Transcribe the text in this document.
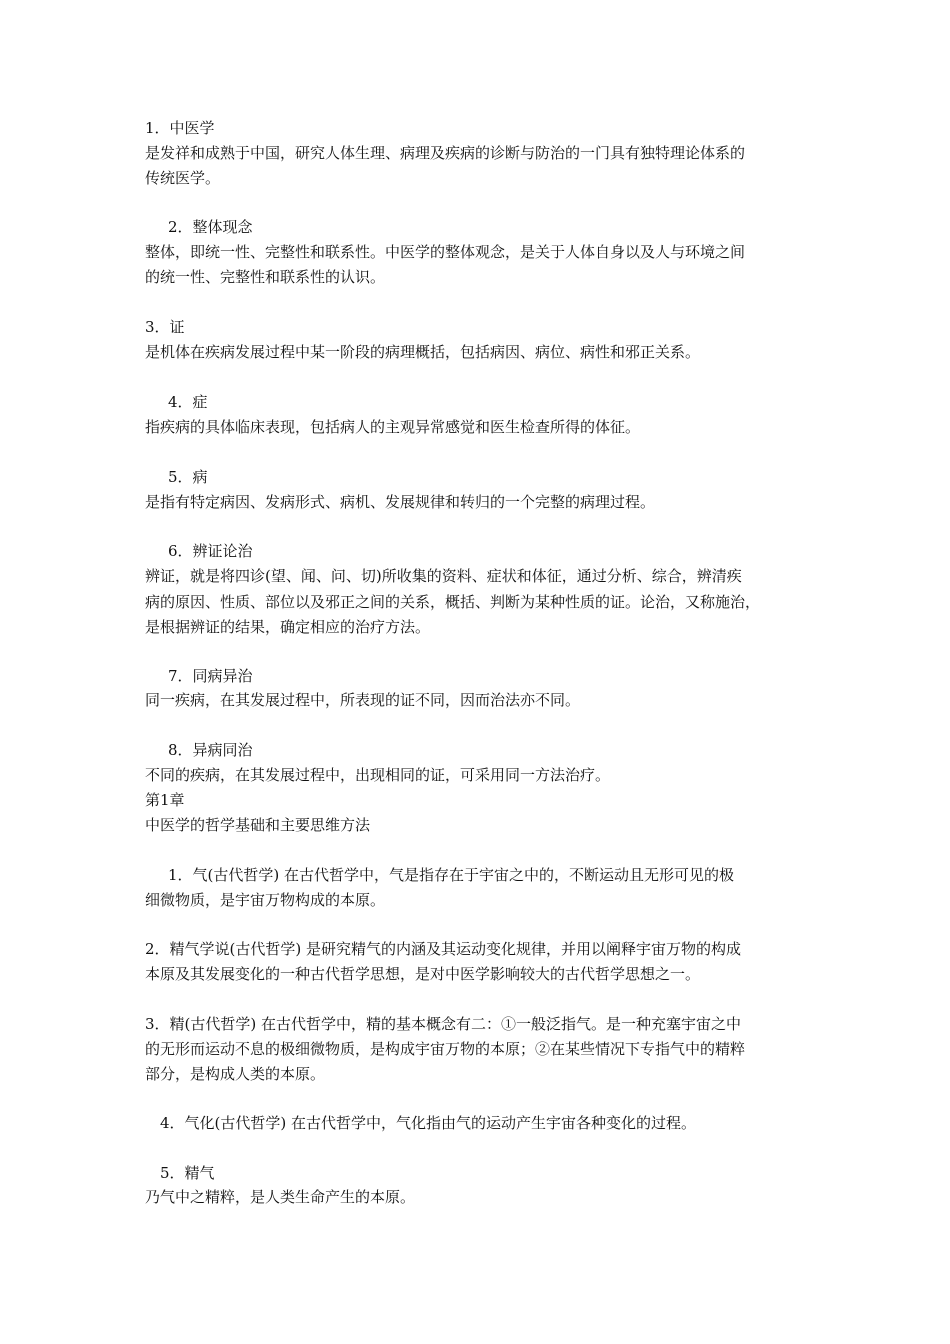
1．中医学
是发祥和成熟于中国，研究人体生理、病理及疾病的诊断与防治的一门具有独特理论体系的
传统医学。
2．整体现念
整体，即统一性、完整性和联系性。中医学的整体观念，是关于人体自身以及人与环境之间
的统一性、完整性和联系性的认识。
3．证
是机体在疾病发展过程中某一阶段的病理概括，包括病因、病位、病性和邪正关系。
4．症
指疾病的具体临床表现，包括病人的主观异常感觉和医生检查所得的体征。
5．病
是指有特定病因、发病形式、病机、发展规律和转归的一个完整的病理过程。
6．辨证论治
辨证，就是将四诊(望、闻、问、切)所收集的资料、症状和体征，通过分析、综合，辨清疾
病的原因、性质、部位以及邪正之间的关系，概括、判断为某种性质的证。论治，又称施治，
是根据辨证的结果，确定相应的治疗方法。
7．同病异治
同一疾病，在其发展过程中，所表现的证不同，因而治法亦不同。
8．异病同治
不同的疾病，在其发展过程中，出现相同的证，可采用同一方法治疗。
第1章
中医学的哲学基础和主要思维方法
1．气(古代哲学) 在古代哲学中，气是指存在于宇宙之中的，不断运动且无形可见的极
细微物质，是宇宙万物构成的本原。
2．精气学说(古代哲学) 是研究精气的内涵及其运动变化规律，并用以阐释宇宙万物的构成
本原及其发展变化的一种古代哲学思想，是对中医学影响较大的古代哲学思想之一。
3．精(古代哲学) 在古代哲学中，精的基本概念有二：①一般泛指气。是一种充塞宇宙之中
的无形而运动不息的极细微物质，是构成宇宙万物的本原；②在某些情况下专指气中的精粹
部分，是构成人类的本原。
4．气化(古代哲学) 在古代哲学中，气化指由气的运动产生宇宙各种变化的过程。
5．精气
乃气中之精粹，是人类生命产生的本原。
